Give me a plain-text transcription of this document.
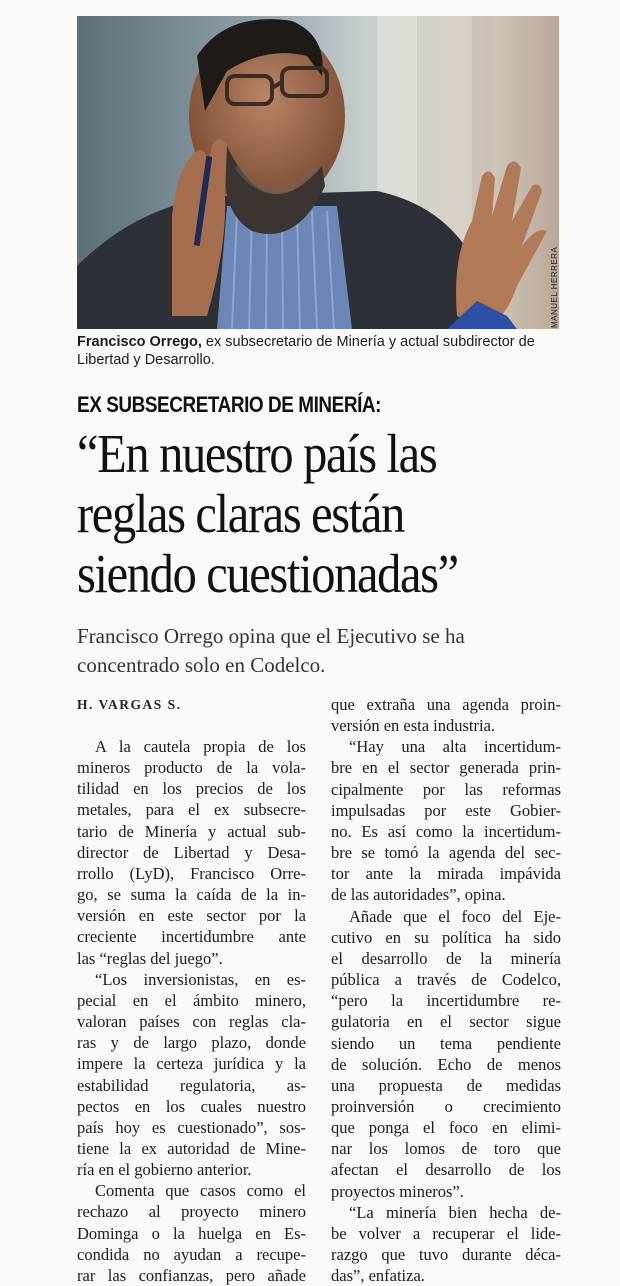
MANUEL HERRERA
Francisco Orrego, ex subsecretario de Minería y actual subdirector de Libertad y Desarrollo.
EX SUBSECRETARIO DE MINERÍA:
“En nuestro país las
reglas claras están
siendo cuestionadas”
Francisco Orrego opina que el Ejecutivo se ha concentrado solo en Codelco.
H. VARGAS S.
A la cautela propia de los
mineros producto de la vola-
tilidad en los precios de los
metales, para el ex subsecre-
tario de Minería y actual sub-
director de Libertad y Desa-
rrollo (LyD), Francisco Orre-
go, se suma la caída de la in-
versión en este sector por la
creciente incertidumbre ante
las “reglas del juego”.
“Los inversionistas, en es-
pecial en el ámbito minero,
valoran países con reglas cla-
ras y de largo plazo, donde
impere la certeza jurídica y la
estabilidad regulatoria, as-
pectos en los cuales nuestro
país hoy es cuestionado”, sos-
tiene la ex autoridad de Mine-
ría en el gobierno anterior.
Comenta que casos como el
rechazo al proyecto minero
Dominga o la huelga en Es-
condida no ayudan a recupe-
rar las confianzas, pero añade
que extraña una agenda proin-
versión en esta industria.
“Hay una alta incertidum-
bre en el sector generada prin-
cipalmente por las reformas
impulsadas por este Gobier-
no. Es así como la incertidum-
bre se tomó la agenda del sec-
tor ante la mirada impávida
de las autoridades”, opina.
Añade que el foco del Eje-
cutivo en su política ha sido
el desarrollo de la minería
pública a través de Codelco,
“pero la incertidumbre re-
gulatoria en el sector sigue
siendo un tema pendiente
de solución. Echo de menos
una propuesta de medidas
proinversión o crecimiento
que ponga el foco en elimi-
nar los lomos de toro que
afectan el desarrollo de los
proyectos mineros”.
“La minería bien hecha de-
be volver a recuperar el lide-
razgo que tuvo durante déca-
das”, enfatiza.
